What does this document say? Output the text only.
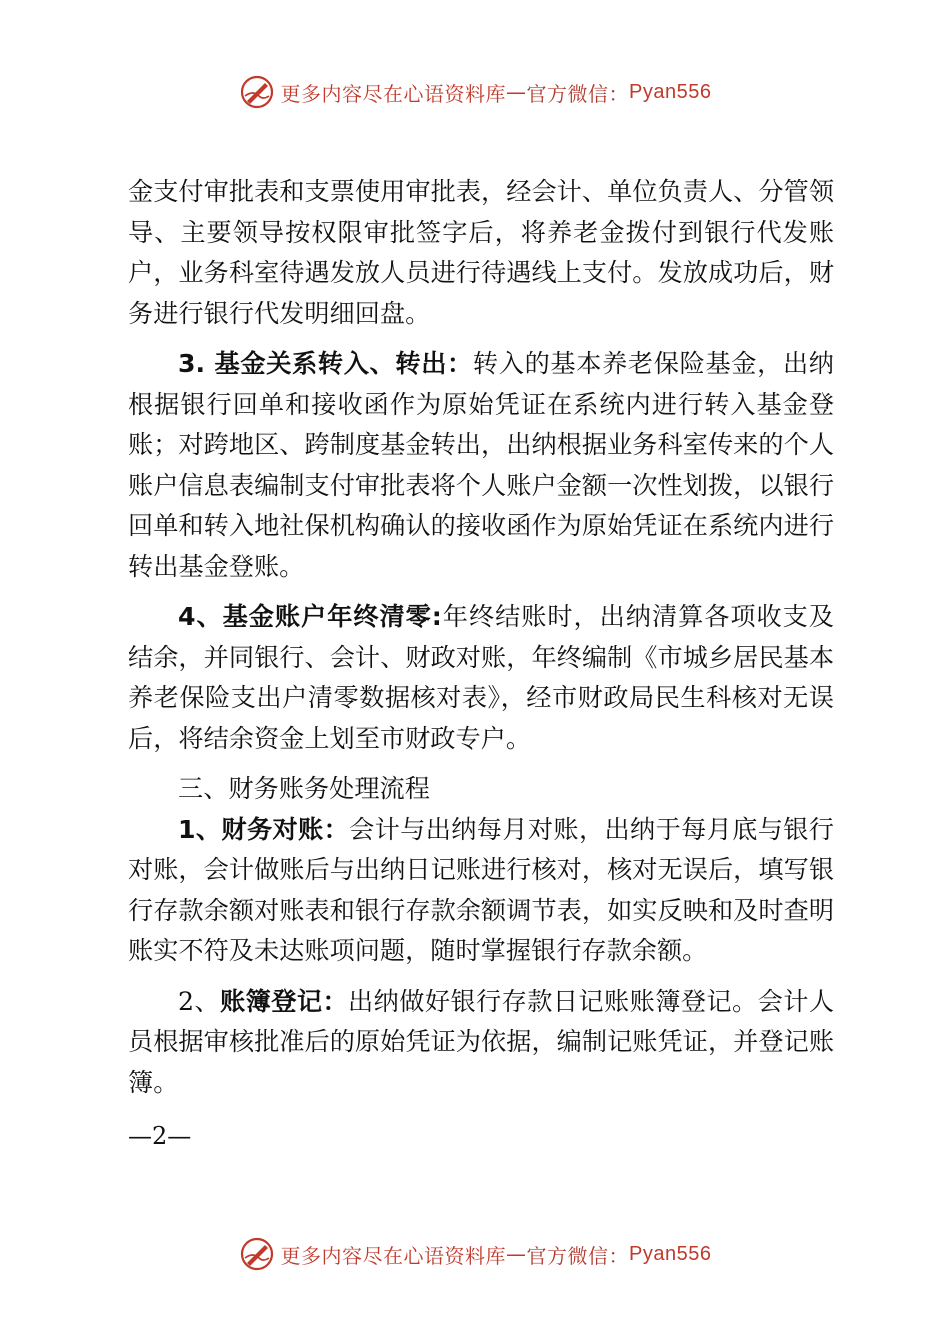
更多内容尽在心语资料库 — 官方微信： Pyan556

金支付审批表和支票使用审批表，经会计、单位负责人、分管领导、主要领导按权限审批签字后，将养老金拨付到银行代发账户，业务科室待遇发放人员进行待遇线上支付。发放成功后，财务进行银行代发明细回盘。

3. 基金关系转入、转出：转入的基本养老保险基金，出纳根据银行回单和接收函作为原始凭证在系统内进行转入基金登账；对跨地区、跨制度基金转出，出纳根据业务科室传来的个人账户信息表编制支付审批表将个人账户金额一次性划拨，以银行回单和转入地社保机构确认的接收函作为原始凭证在系统内进行转出基金登账。

4、基金账户年终清零:年终结账时，出纳清算各项收支及结余，并同银行、会计、财政对账，年终编制《市城乡居民基本养老保险支出户清零数据核对表》，经市财政局民生科核对无误后，将结余资金上划至市财政专户。

三、财务账务处理流程

1、财务对账：会计与出纳每月对账，出纳于每月底与银行对账，会计做账后与出纳日记账进行核对，核对无误后，填写银行存款余额对账表和银行存款余额调节表，如实反映和及时查明账实不符及未达账项问题，随时掌握银行存款余额。

2、账簿登记：出纳做好银行存款日记账账簿登记。会计人员根据审核批准后的原始凭证为依据，编制记账凭证，并登记账簿。

—2—
更多内容尽在心语资料库 — 官方微信： Pyan556
